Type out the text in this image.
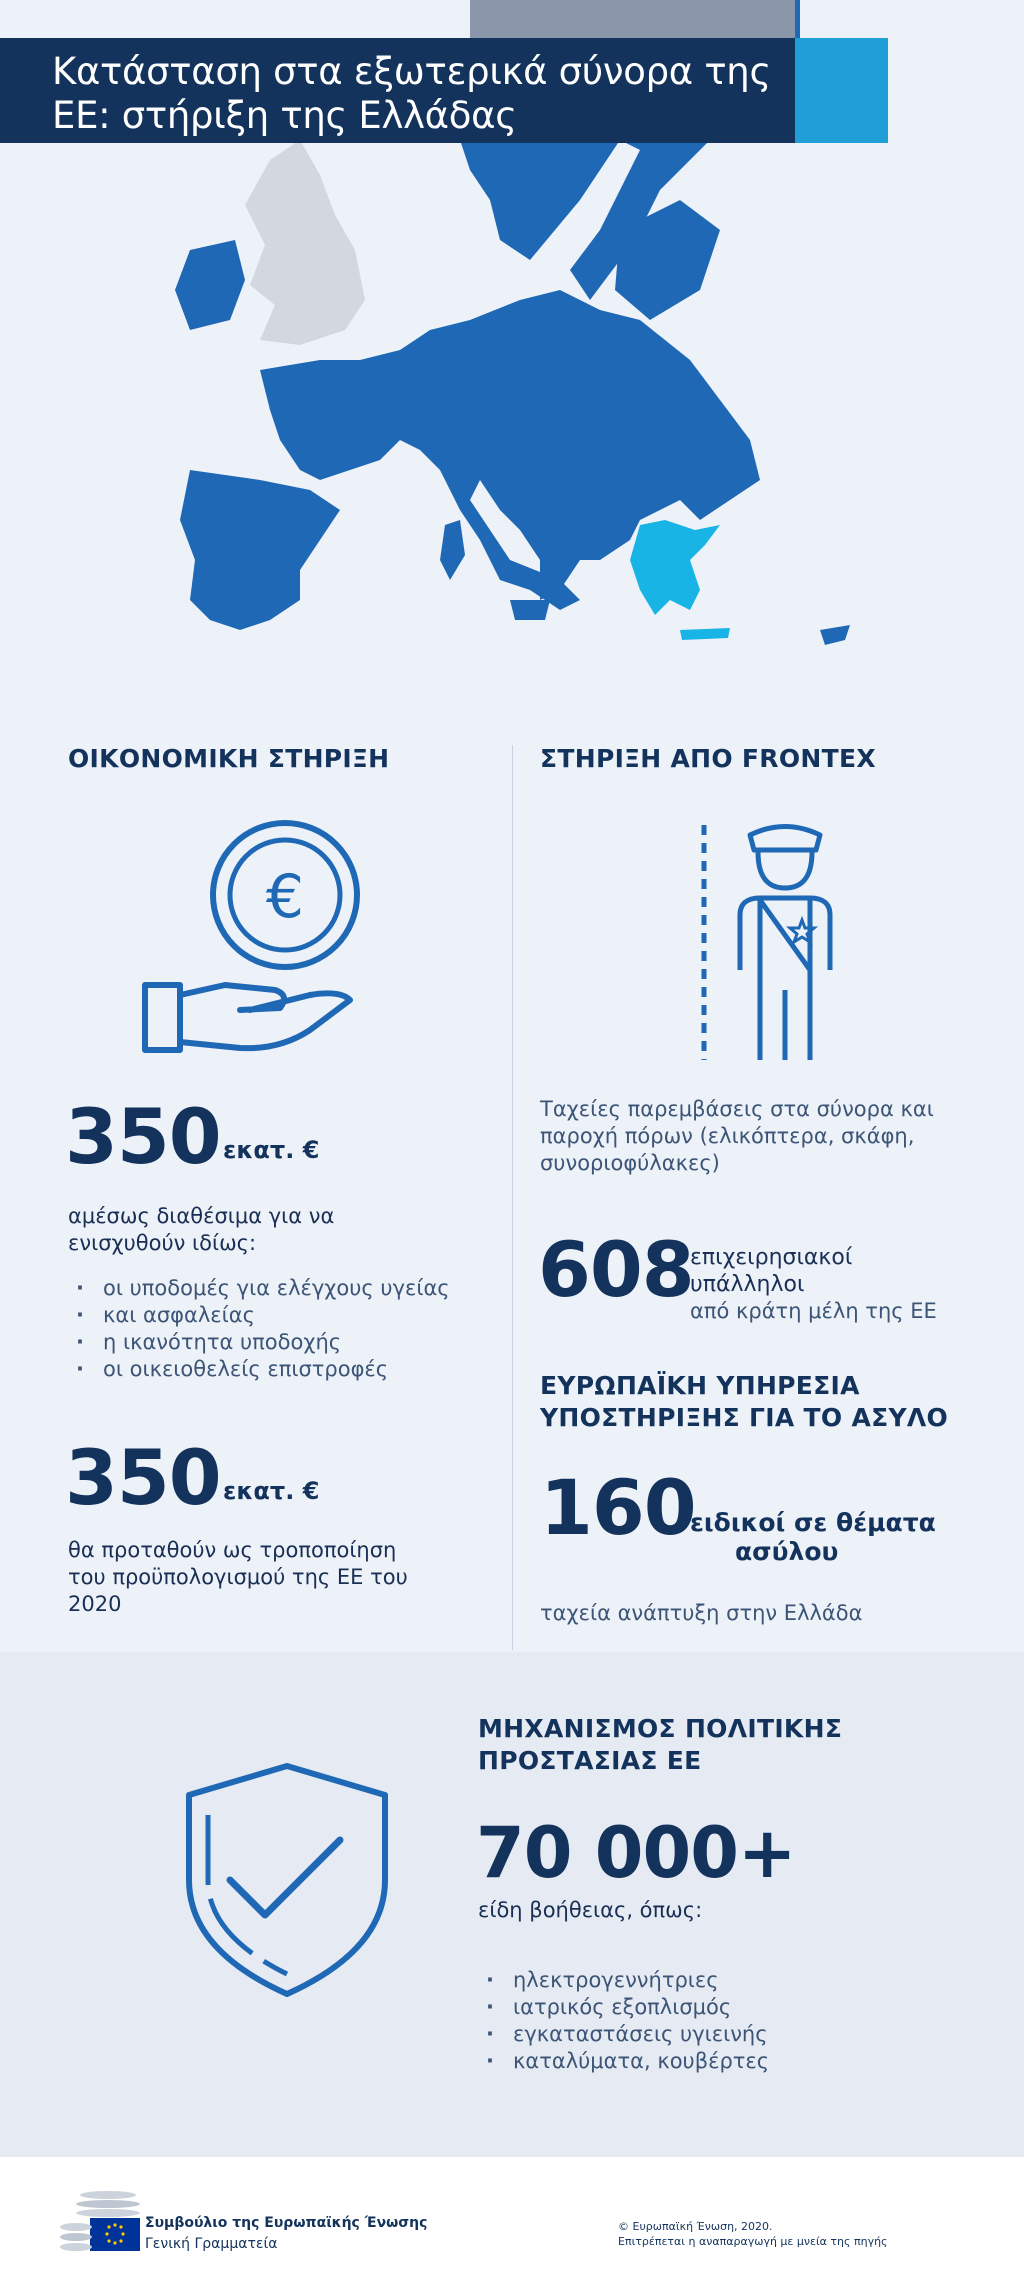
Κατάσταση στα εξωτερικά σύνορα της
ΕΕ: στήριξη της Ελλάδας
ΟΙΚΟΝΟΜΙΚΗ ΣΤΗΡΙΞΗ
€
350 εκατ. €
αμέσως διαθέσιμα για να
ενισχυθούν ιδίως:
· οι υποδομές για ελέγχους υγείας
· και ασφαλείας
· η ικανότητα υποδοχής
· οι οικειοθελείς επιστροφές
350 εκατ. €
θα προταθούν ως τροποποίηση
του προϋπολογισμού της ΕΕ του
2020
ΣΤΗΡΙΞΗ ΑΠΟ FRONTEX
Ταχείες παρεμβάσεις στα σύνορα και
παροχή πόρων (ελικόπτερα, σκάφη,
συνοριοφύλακες)
608
επιχειρησιακοί
υπάλληλοι
από κράτη μέλη της ΕΕ
ΕΥΡΩΠΑΪΚΗ ΥΠΗΡΕΣΙΑ
ΥΠΟΣΤΗΡΙΞΗΣ ΓΙΑ ΤΟ ΑΣΥΛΟ
160
ειδικοί σε θέματα
ασύλου
ταχεία ανάπτυξη στην Ελλάδα
ΜΗΧΑΝΙΣΜΟΣ ΠΟΛΙΤΙΚΗΣ
ΠΡΟΣΤΑΣΙΑΣ ΕΕ
70 000+
είδη βοήθειας, όπως:
· ηλεκτρογεννήτριες
· ιατρικός εξοπλισμός
· εγκαταστάσεις υγιεινής
· καταλύματα, κουβέρτες
Συμβούλιο της Ευρωπαϊκής Ένωσης
Γενική Γραμματεία
© Ευρωπαϊκή Ένωση, 2020.
Επιτρέπεται η αναπαραγωγή με μνεία της πηγής
